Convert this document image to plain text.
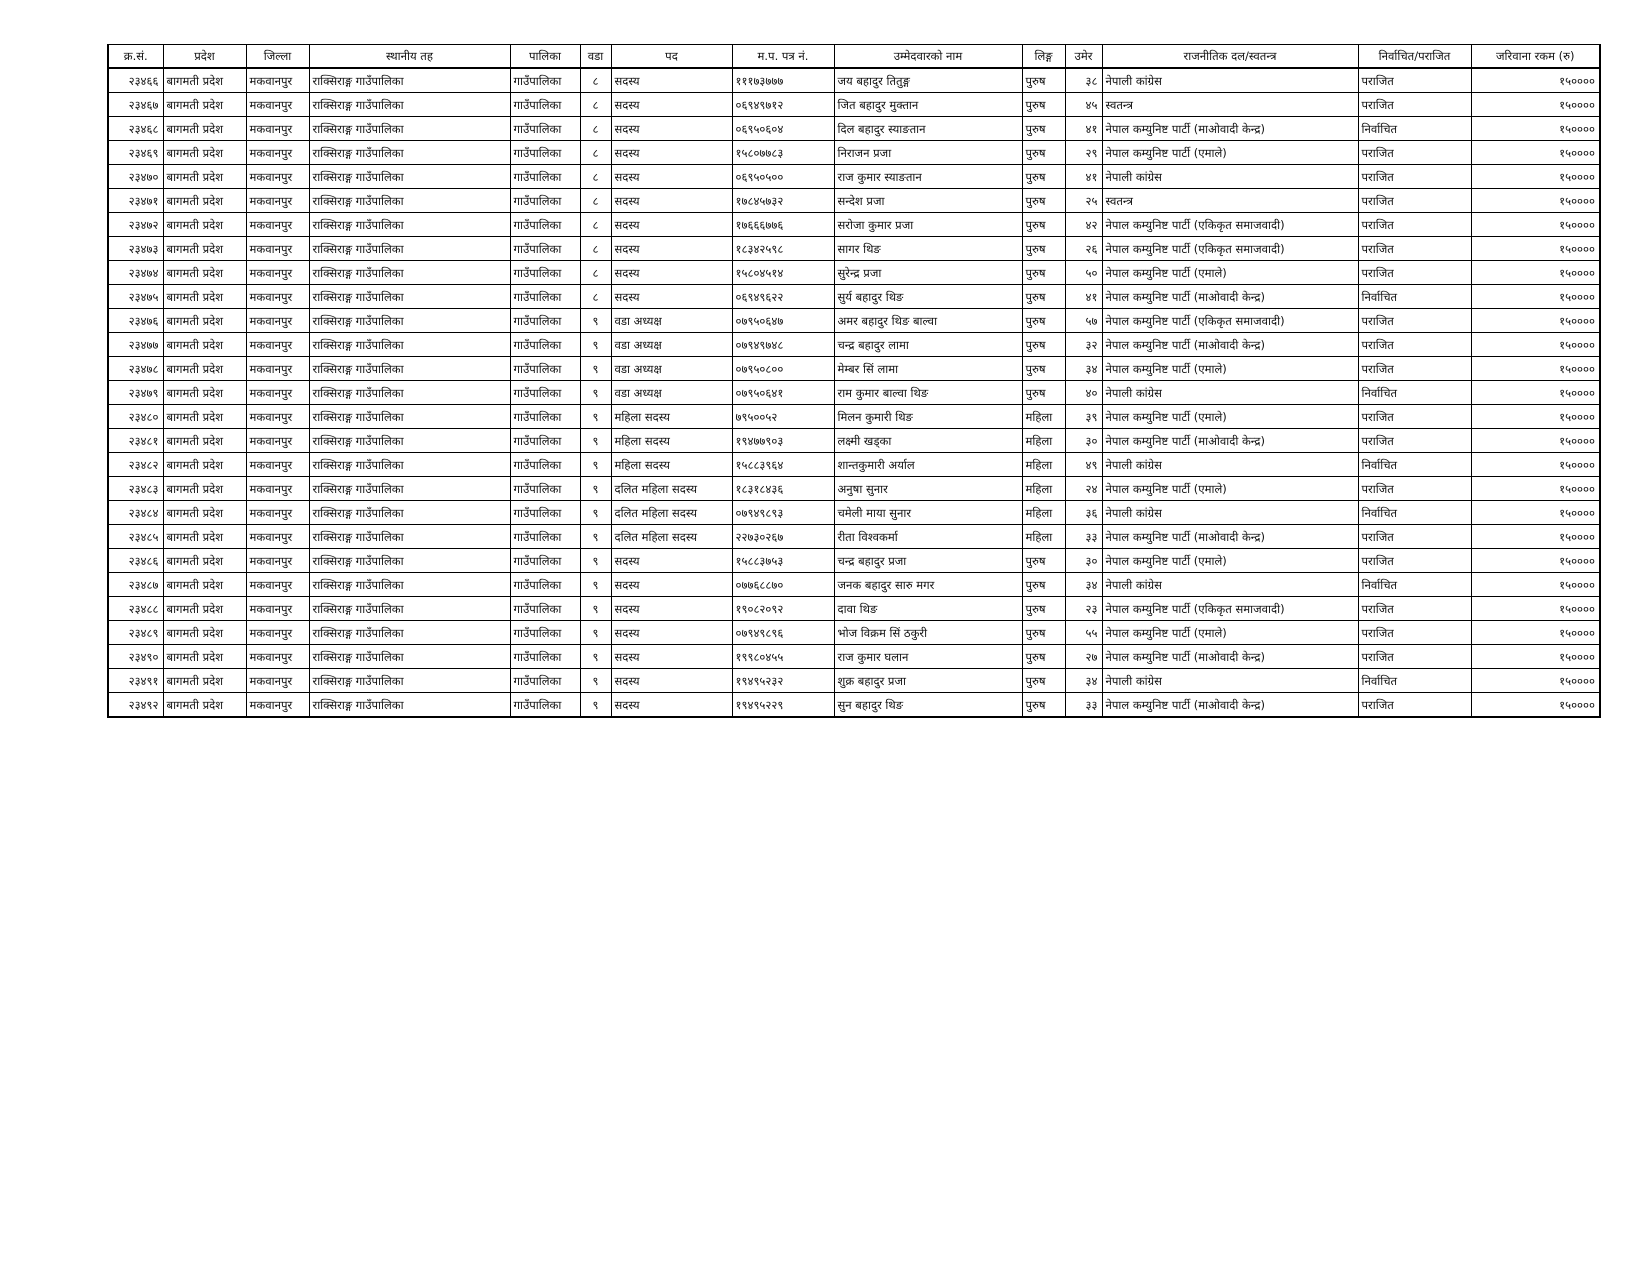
क्र.सं.	प्रदेश	जिल्ला	स्थानीय तह	पालिका	वडा	पद	म.प. पत्र नं.	उम्मेदवारको नाम	लिङ्ग	उमेर	राजनीतिक दल/स्वतन्त्र	निर्वाचित/पराजित	जरिवाना रकम (रु)
२३४६६	बागमती प्रदेश	मकवानपुर	राक्सिराङ्ग गाउँपालिका	गाउँपालिका	८	सदस्य	१११७३७७७	जय बहादुर तितुङ्ग	पुरुष	३८	नेपाली कांग्रेस	पराजित	१५००००
२३४६७	बागमती प्रदेश	मकवानपुर	राक्सिराङ्ग गाउँपालिका	गाउँपालिका	८	सदस्य	०६९४९७१२	जित बहादुर मुक्तान	पुरुष	४५	स्वतन्त्र	पराजित	१५००००
२३४६८	बागमती प्रदेश	मकवानपुर	राक्सिराङ्ग गाउँपालिका	गाउँपालिका	८	सदस्य	०६९५०६०४	दिल बहादुर स्याङतान	पुरुष	४१	नेपाल कम्युनिष्ट पार्टी (माओवादी केन्द्र)	निर्वाचित	१५००००
२३४६९	बागमती प्रदेश	मकवानपुर	राक्सिराङ्ग गाउँपालिका	गाउँपालिका	८	सदस्य	१५८०७७८३	निराजन प्रजा	पुरुष	२९	नेपाल कम्युनिष्ट पार्टी (एमाले)	पराजित	१५००००
२३४७०	बागमती प्रदेश	मकवानपुर	राक्सिराङ्ग गाउँपालिका	गाउँपालिका	८	सदस्य	०६९५०५००	राज कुमार स्याङतान	पुरुष	४१	नेपाली कांग्रेस	पराजित	१५००००
२३४७१	बागमती प्रदेश	मकवानपुर	राक्सिराङ्ग गाउँपालिका	गाउँपालिका	८	सदस्य	१७८४५७३२	सन्देश प्रजा	पुरुष	२५	स्वतन्त्र	पराजित	१५००००
२३४७२	बागमती प्रदेश	मकवानपुर	राक्सिराङ्ग गाउँपालिका	गाउँपालिका	८	सदस्य	१७६६६७७६	सरोजा कुमार प्रजा	पुरुष	४२	नेपाल कम्युनिष्ट पार्टी (एकिकृत समाजवादी)	पराजित	१५००००
२३४७३	बागमती प्रदेश	मकवानपुर	राक्सिराङ्ग गाउँपालिका	गाउँपालिका	८	सदस्य	१८३४२५९८	सागर थिङ	पुरुष	२६	नेपाल कम्युनिष्ट पार्टी (एकिकृत समाजवादी)	पराजित	१५००००
२३४७४	बागमती प्रदेश	मकवानपुर	राक्सिराङ्ग गाउँपालिका	गाउँपालिका	८	सदस्य	१५८०४५१४	सुरेन्द्र प्रजा	पुरुष	५०	नेपाल कम्युनिष्ट पार्टी (एमाले)	पराजित	१५००००
२३४७५	बागमती प्रदेश	मकवानपुर	राक्सिराङ्ग गाउँपालिका	गाउँपालिका	८	सदस्य	०६९४९६२२	सुर्य बहादुर थिङ	पुरुष	४१	नेपाल कम्युनिष्ट पार्टी (माओवादी केन्द्र)	निर्वाचित	१५००००
२३४७६	बागमती प्रदेश	मकवानपुर	राक्सिराङ्ग गाउँपालिका	गाउँपालिका	९	वडा अध्यक्ष	०७९५०६४७	अमर बहादुर थिङ बाल्वा	पुरुष	५७	नेपाल कम्युनिष्ट पार्टी (एकिकृत समाजवादी)	पराजित	१५००००
२३४७७	बागमती प्रदेश	मकवानपुर	राक्सिराङ्ग गाउँपालिका	गाउँपालिका	९	वडा अध्यक्ष	०७९४९७४८	चन्द्र बहादुर लामा	पुरुष	३२	नेपाल कम्युनिष्ट पार्टी (माओवादी केन्द्र)	पराजित	१५००००
२३४७८	बागमती प्रदेश	मकवानपुर	राक्सिराङ्ग गाउँपालिका	गाउँपालिका	९	वडा अध्यक्ष	०७९५०८००	मेम्बर सिं लामा	पुरुष	३४	नेपाल कम्युनिष्ट पार्टी (एमाले)	पराजित	१५००००
२३४७९	बागमती प्रदेश	मकवानपुर	राक्सिराङ्ग गाउँपालिका	गाउँपालिका	९	वडा अध्यक्ष	०७९५०६४१	राम कुमार बाल्वा थिङ	पुरुष	४०	नेपाली कांग्रेस	निर्वाचित	१५००००
२३४८०	बागमती प्रदेश	मकवानपुर	राक्सिराङ्ग गाउँपालिका	गाउँपालिका	९	महिला सदस्य	७९५००५२	मिलन कुमारी थिङ	महिला	३९	नेपाल कम्युनिष्ट पार्टी (एमाले)	पराजित	१५००००
२३४८१	बागमती प्रदेश	मकवानपुर	राक्सिराङ्ग गाउँपालिका	गाउँपालिका	९	महिला सदस्य	१९४७७९०३	लक्ष्मी खड्का	महिला	३०	नेपाल कम्युनिष्ट पार्टी (माओवादी केन्द्र)	पराजित	१५००००
२३४८२	बागमती प्रदेश	मकवानपुर	राक्सिराङ्ग गाउँपालिका	गाउँपालिका	९	महिला सदस्य	१५८८३९६४	शान्तकुमारी अर्याल	महिला	४९	नेपाली कांग्रेस	निर्वाचित	१५००००
२३४८३	बागमती प्रदेश	मकवानपुर	राक्सिराङ्ग गाउँपालिका	गाउँपालिका	९	दलित महिला सदस्य	१८३१८४३६	अनुषा सुनार	महिला	२४	नेपाल कम्युनिष्ट पार्टी (एमाले)	पराजित	१५००००
२३४८४	बागमती प्रदेश	मकवानपुर	राक्सिराङ्ग गाउँपालिका	गाउँपालिका	९	दलित महिला सदस्य	०७९४९८९३	चमेली माया सुनार	महिला	३६	नेपाली कांग्रेस	निर्वाचित	१५००००
२३४८५	बागमती प्रदेश	मकवानपुर	राक्सिराङ्ग गाउँपालिका	गाउँपालिका	९	दलित महिला सदस्य	२२७३०२६७	रीता विश्वकर्मा	महिला	३३	नेपाल कम्युनिष्ट पार्टी (माओवादी केन्द्र)	पराजित	१५००००
२३४८६	बागमती प्रदेश	मकवानपुर	राक्सिराङ्ग गाउँपालिका	गाउँपालिका	९	सदस्य	१५८८३७५३	चन्द्र बहादुर प्रजा	पुरुष	३०	नेपाल कम्युनिष्ट पार्टी (एमाले)	पराजित	१५००००
२३४८७	बागमती प्रदेश	मकवानपुर	राक्सिराङ्ग गाउँपालिका	गाउँपालिका	९	सदस्य	०७७६८८७०	जनक बहादुर सारु मगर	पुरुष	३४	नेपाली कांग्रेस	निर्वाचित	१५००००
२३४८८	बागमती प्रदेश	मकवानपुर	राक्सिराङ्ग गाउँपालिका	गाउँपालिका	९	सदस्य	१९०८२०९२	दावा थिङ	पुरुष	२३	नेपाल कम्युनिष्ट पार्टी (एकिकृत समाजवादी)	पराजित	१५००००
२३४८९	बागमती प्रदेश	मकवानपुर	राक्सिराङ्ग गाउँपालिका	गाउँपालिका	९	सदस्य	०७९४९८९६	भोज विक्रम सिं ठकुरी	पुरुष	५५	नेपाल कम्युनिष्ट पार्टी (एमाले)	पराजित	१५००००
२३४९०	बागमती प्रदेश	मकवानपुर	राक्सिराङ्ग गाउँपालिका	गाउँपालिका	९	सदस्य	१९९८०४५५	राज कुमार घलान	पुरुष	२७	नेपाल कम्युनिष्ट पार्टी (माओवादी केन्द्र)	पराजित	१५००००
२३४९१	बागमती प्रदेश	मकवानपुर	राक्सिराङ्ग गाउँपालिका	गाउँपालिका	९	सदस्य	१९४९५२३२	शुक्र बहादुर प्रजा	पुरुष	३४	नेपाली कांग्रेस	निर्वाचित	१५००००
२३४९२	बागमती प्रदेश	मकवानपुर	राक्सिराङ्ग गाउँपालिका	गाउँपालिका	९	सदस्य	१९४९५२२९	सुन बहादुर थिङ	पुरुष	३३	नेपाल कम्युनिष्ट पार्टी (माओवादी केन्द्र)	पराजित	१५००००
